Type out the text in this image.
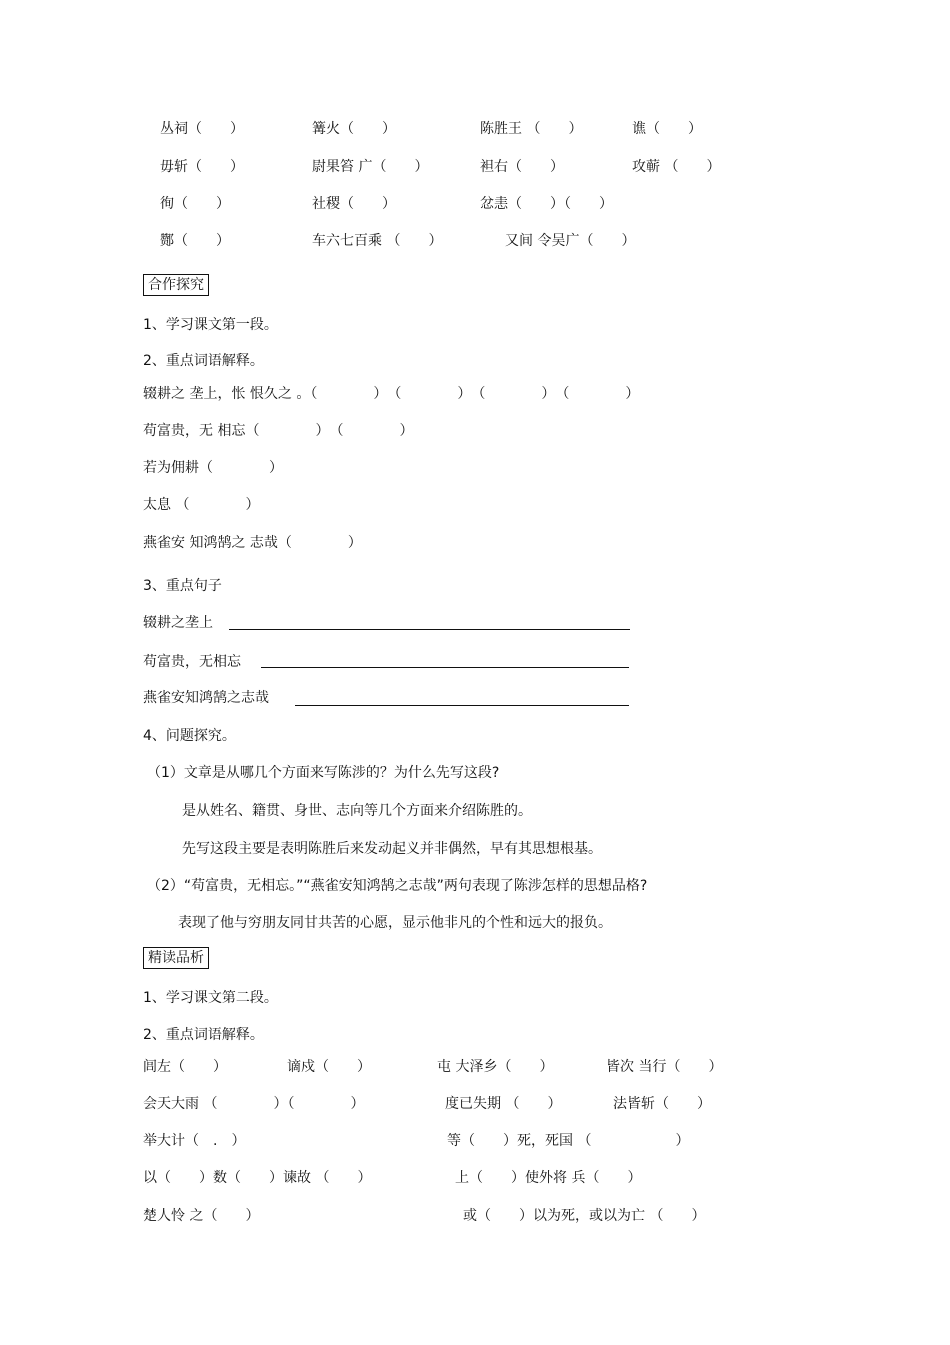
丛祠（　　）	篝火（　　）	陈胜王 （　　）	谯（　　）
毋斩（　　）	尉果笞 广（　　）	袒右（　　）	攻蕲 （　　）
徇（　　）	社稷（　　）	忿恚（　　）（　　）
酂（　　）	车六七百乘 （　　）	又间 令吴广（　　）
合作探究
1、学习课文第一段。
2、重点词语解释。
辍耕之 垄上，怅 恨久之 。（　　　　）　（　　　　）　（　　　　）　（　　　　）
苟富贵，无 相忘（　　　　）　（　　　　）
若为佣耕（　　　　）
太息 （　　　　）
燕雀安 知鸿鹄之 志哉（　　　　）
3、重点句子
辍耕之垄上
苟富贵，无相忘
燕雀安知鸿鹄之志哉
4、问题探究。
（1）文章是从哪几个方面来写陈涉的？为什么先写这段?
是从姓名、籍贯、身世、志向等几个方面来介绍陈胜的。
先写这段主要是表明陈胜后来发动起义并非偶然，早有其思想根基。
（2）“苟富贵，无相忘。”“燕雀安知鸿鹄之志哉”两句表现了陈涉怎样的思想品格?
表现了他与穷朋友同甘共苦的心愿，显示他非凡的个性和远大的报负。
精读品析
1、学习课文第二段。
2、重点词语解释。
闾左（　　）	谪戍（　　）	屯 大泽乡（　　）	皆次 当行（　　）
会天大雨 （　　　　）（　　　　）	度已失期 （　　）	法皆斩（　　）
举大计（　.　）	等（　　）死，死国 （　　　　　　）
以（　　）数（　　）谏故 （　　）	上（　　）使外将 兵（　　）
楚人怜 之（　　）	或（　　）以为死，或以为亡 （　　）
